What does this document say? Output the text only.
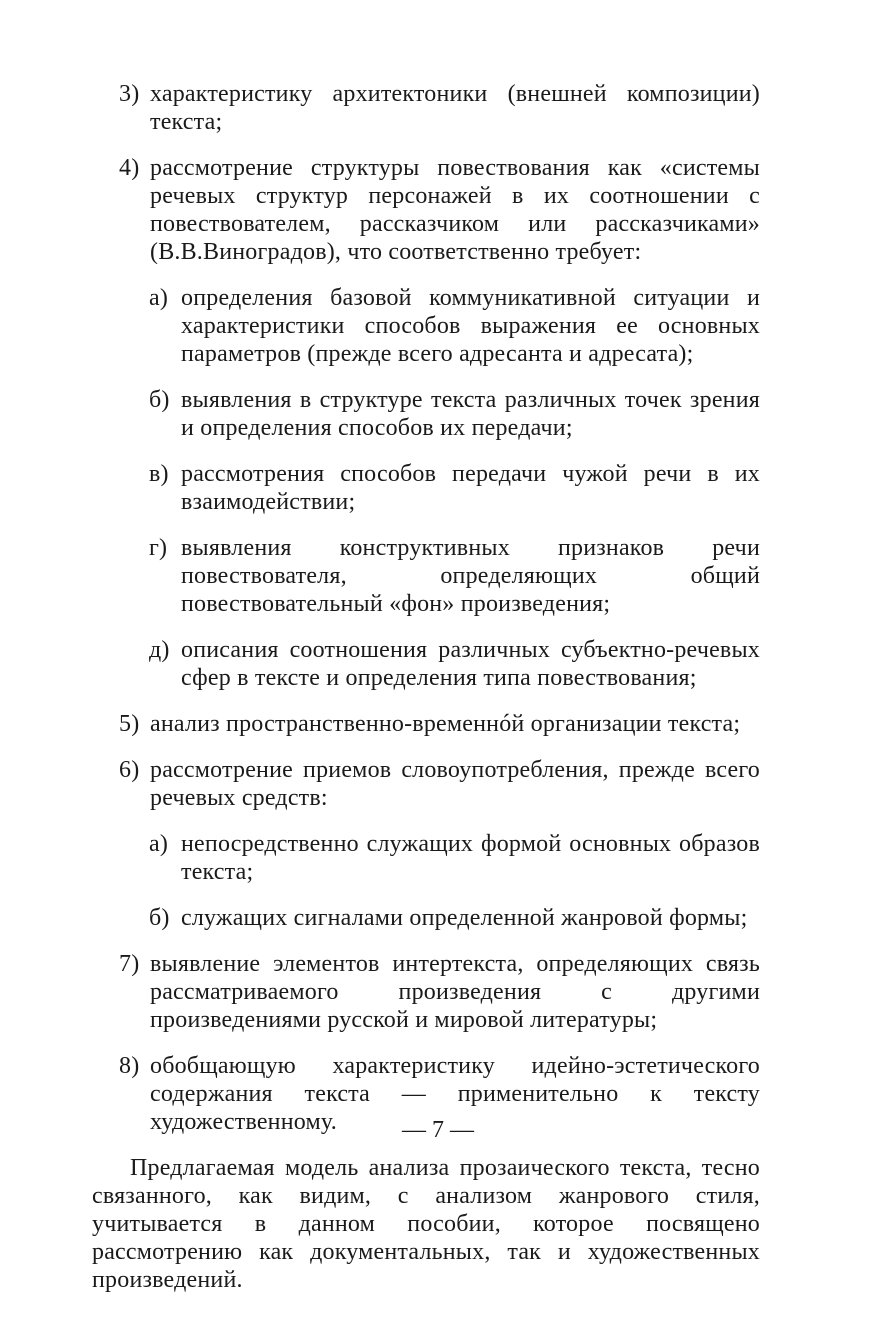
3) характеристику архитектоники (внешней композиции) текста;
4) рассмотрение структуры повествования как «системы речевых структур персонажей в их соотношении с повествователем, рассказчиком или рассказчиками» (В.В.Виноградов), что соответственно требует:
а) определения базовой коммуникативной ситуации и характеристики способов выражения ее основных параметров (прежде всего адресанта и адресата);
б) выявления в структуре текста различных точек зрения и определения способов их передачи;
в) рассмотрения способов передачи чужой речи в их взаимодействии;
г) выявления конструктивных признаков речи повествователя, определяющих общий повествовательный «фон» произведения;
д) описания соотношения различных субъектно-речевых сфер в тексте и определения типа повествования;
5) анализ пространственно-временнóй организации текста;
6) рассмотрение приемов словоупотребления, прежде всего речевых средств:
а) непосредственно служащих формой основных образов текста;
б) служащих сигналами определенной жанровой формы;
7) выявление элементов интертекста, определяющих связь рассматриваемого произведения с другими произведениями русской и мировой литературы;
8) обобщающую характеристику идейно-эстетического содержания текста — применительно к тексту художественному.

Предлагаемая модель анализа прозаического текста, тесно связанного, как видим, с анализом жанрового стиля, учитывается в данном пособии, которое посвящено рассмотрению как документальных, так и художественных произведений.

— 7 —
